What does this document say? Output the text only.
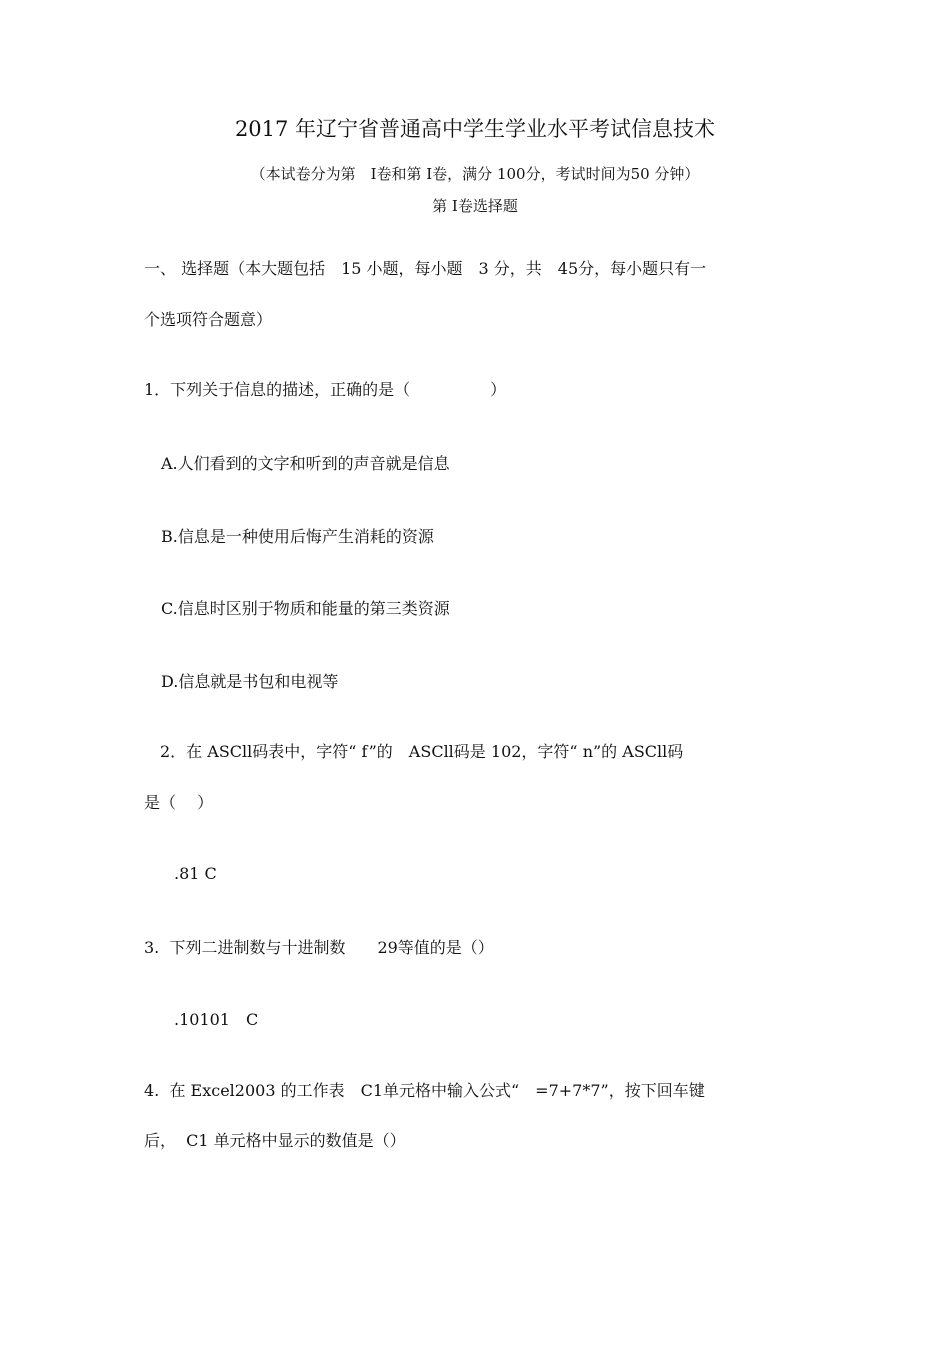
2017 年辽宁省普通高中学生学业水平考试信息技术
（本试卷分为第　I卷和第 I卷，满分 100分，考试时间为50 分钟）
第 I卷选择题
一、 选择题（本大题包括　15 小题，每小题　3 分，共　45分，每小题只有一
个选项符合题意）
1．下列关于信息的描述，正确的是（　　　　　）
A.人们看到的文字和听到的声音就是信息
B.信息是一种使用后悔产生消耗的资源
C.信息时区别于物质和能量的第三类资源
D.信息就是书包和电视等
2．在 ASCll码表中，字符“ f”的　ASCll码是 102，字符“ n”的 ASCll码
是（　 ）
.81 C
3.  下列二进制数与十进制数　　29等值的是（）
.10101　C
4.  在 Excel2003 的工作表　C1单元格中输入公式“　=7+7*7”，按下回车键
后，  C1 单元格中显示的数值是（）
